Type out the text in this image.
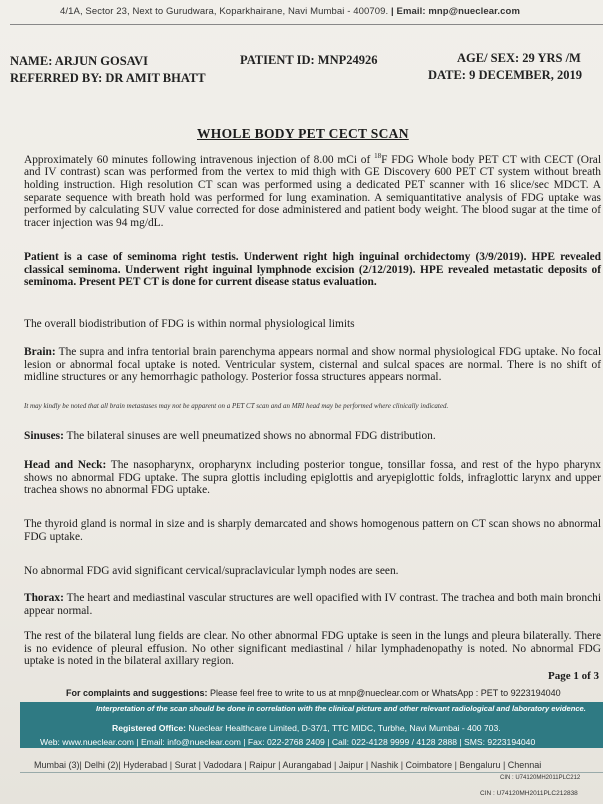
4/1A, Sector 23, Next to Gurudwara, Koparkhairane, Navi Mumbai - 400709. | Email: mnp@nueclear.com
NAME: ARJUN GOSAVI
REFERRED BY: DR AMIT BHATT
PATIENT ID: MNP24926	AGE/ SEX: 29 YRS /M
DATE: 9 DECEMBER, 2019
WHOLE BODY PET CECT SCAN
Approximately 60 minutes following intravenous injection of 8.00 mCi of $^{18}$F FDG Whole body PET CT with CECT (Oral and IV contrast) scan was performed from the vertex to mid thigh with GE Discovery 600 PET CT system without breath holding instruction. High resolution CT scan was performed using a dedicated PET scanner with 16 slice/sec MDCT. A separate sequence with breath hold was performed for lung examination. A semiquantitative analysis of FDG uptake was performed by calculating SUV value corrected for dose administered and patient body weight. The blood sugar at the time of tracer injection was 94 mg/dL.
Patient is a case of seminoma right testis. Underwent right high inguinal orchidectomy (3/9/2019). HPE revealed classical seminoma. Underwent right inguinal lymphnode excision (2/12/2019). HPE revealed metastatic deposits of seminoma. Present PET CT is done for current disease status evaluation.
The overall biodistribution of FDG is within normal physiological limits
Brain: The supra and infra tentorial brain parenchyma appears normal and show normal physiological FDG uptake. No focal lesion or abnormal focal uptake is noted. Ventricular system, cisternal and sulcal spaces are normal. There is no shift of midline structures or any hemorrhagic pathology. Posterior fossa structures appears normal.
It may kindly be noted that all brain metastases may not be apparent on a PET CT scan and an MRI head may be performed where clinically indicated.
Sinuses: The bilateral sinuses are well pneumatized shows no abnormal FDG distribution.
Head and Neck: The nasopharynx, oropharynx including posterior tongue, tonsillar fossa, and rest of the hypo pharynx shows no abnormal FDG uptake. The supra glottis including epiglottis and aryepiglottic folds, infraglottic larynx and upper trachea shows no abnormal FDG uptake.
The thyroid gland is normal in size and is sharply demarcated and shows homogenous pattern on CT scan shows no abnormal FDG uptake.
No abnormal FDG avid significant cervical/supraclavicular lymph nodes are seen.
Thorax: The heart and mediastinal vascular structures are well opacified with IV contrast. The trachea and both main bronchi appear normal.
The rest of the bilateral lung fields are clear. No other abnormal FDG uptake is seen in the lungs and pleura bilaterally. There is no evidence of pleural effusion. No other significant mediastinal / hilar lymphadenopathy is noted. No abnormal FDG uptake is noted in the bilateral axillary region.
Page 1 of 3
For complaints and suggestions: Please feel free to write to us at mnp@nueclear.com or WhatsApp : PET to 9223194040
Interpretation of the scan should be done in correlation with the clinical picture and other relevant radiological and laboratory evidence.
Registered Office: Nueclear Healthcare Limited, D-37/1, TTC MIDC, Turbhe, Navi Mumbai - 400 703.
Web: www.nueclear.com | Email: info@nueclear.com | Fax: 022-2768 2409 | Call: 022-4128 9999 / 4128 2888 | SMS: 9223194040
Mumbai (3)| Delhi (2)| Hyderabad | Surat | Vadodara | Raipur | Aurangabad | Jaipur | Nashik | Coimbatore | Bengaluru | Chennai
CIN : U74120MH2011PLC212
CIN : U74120MH2011PLC212838
